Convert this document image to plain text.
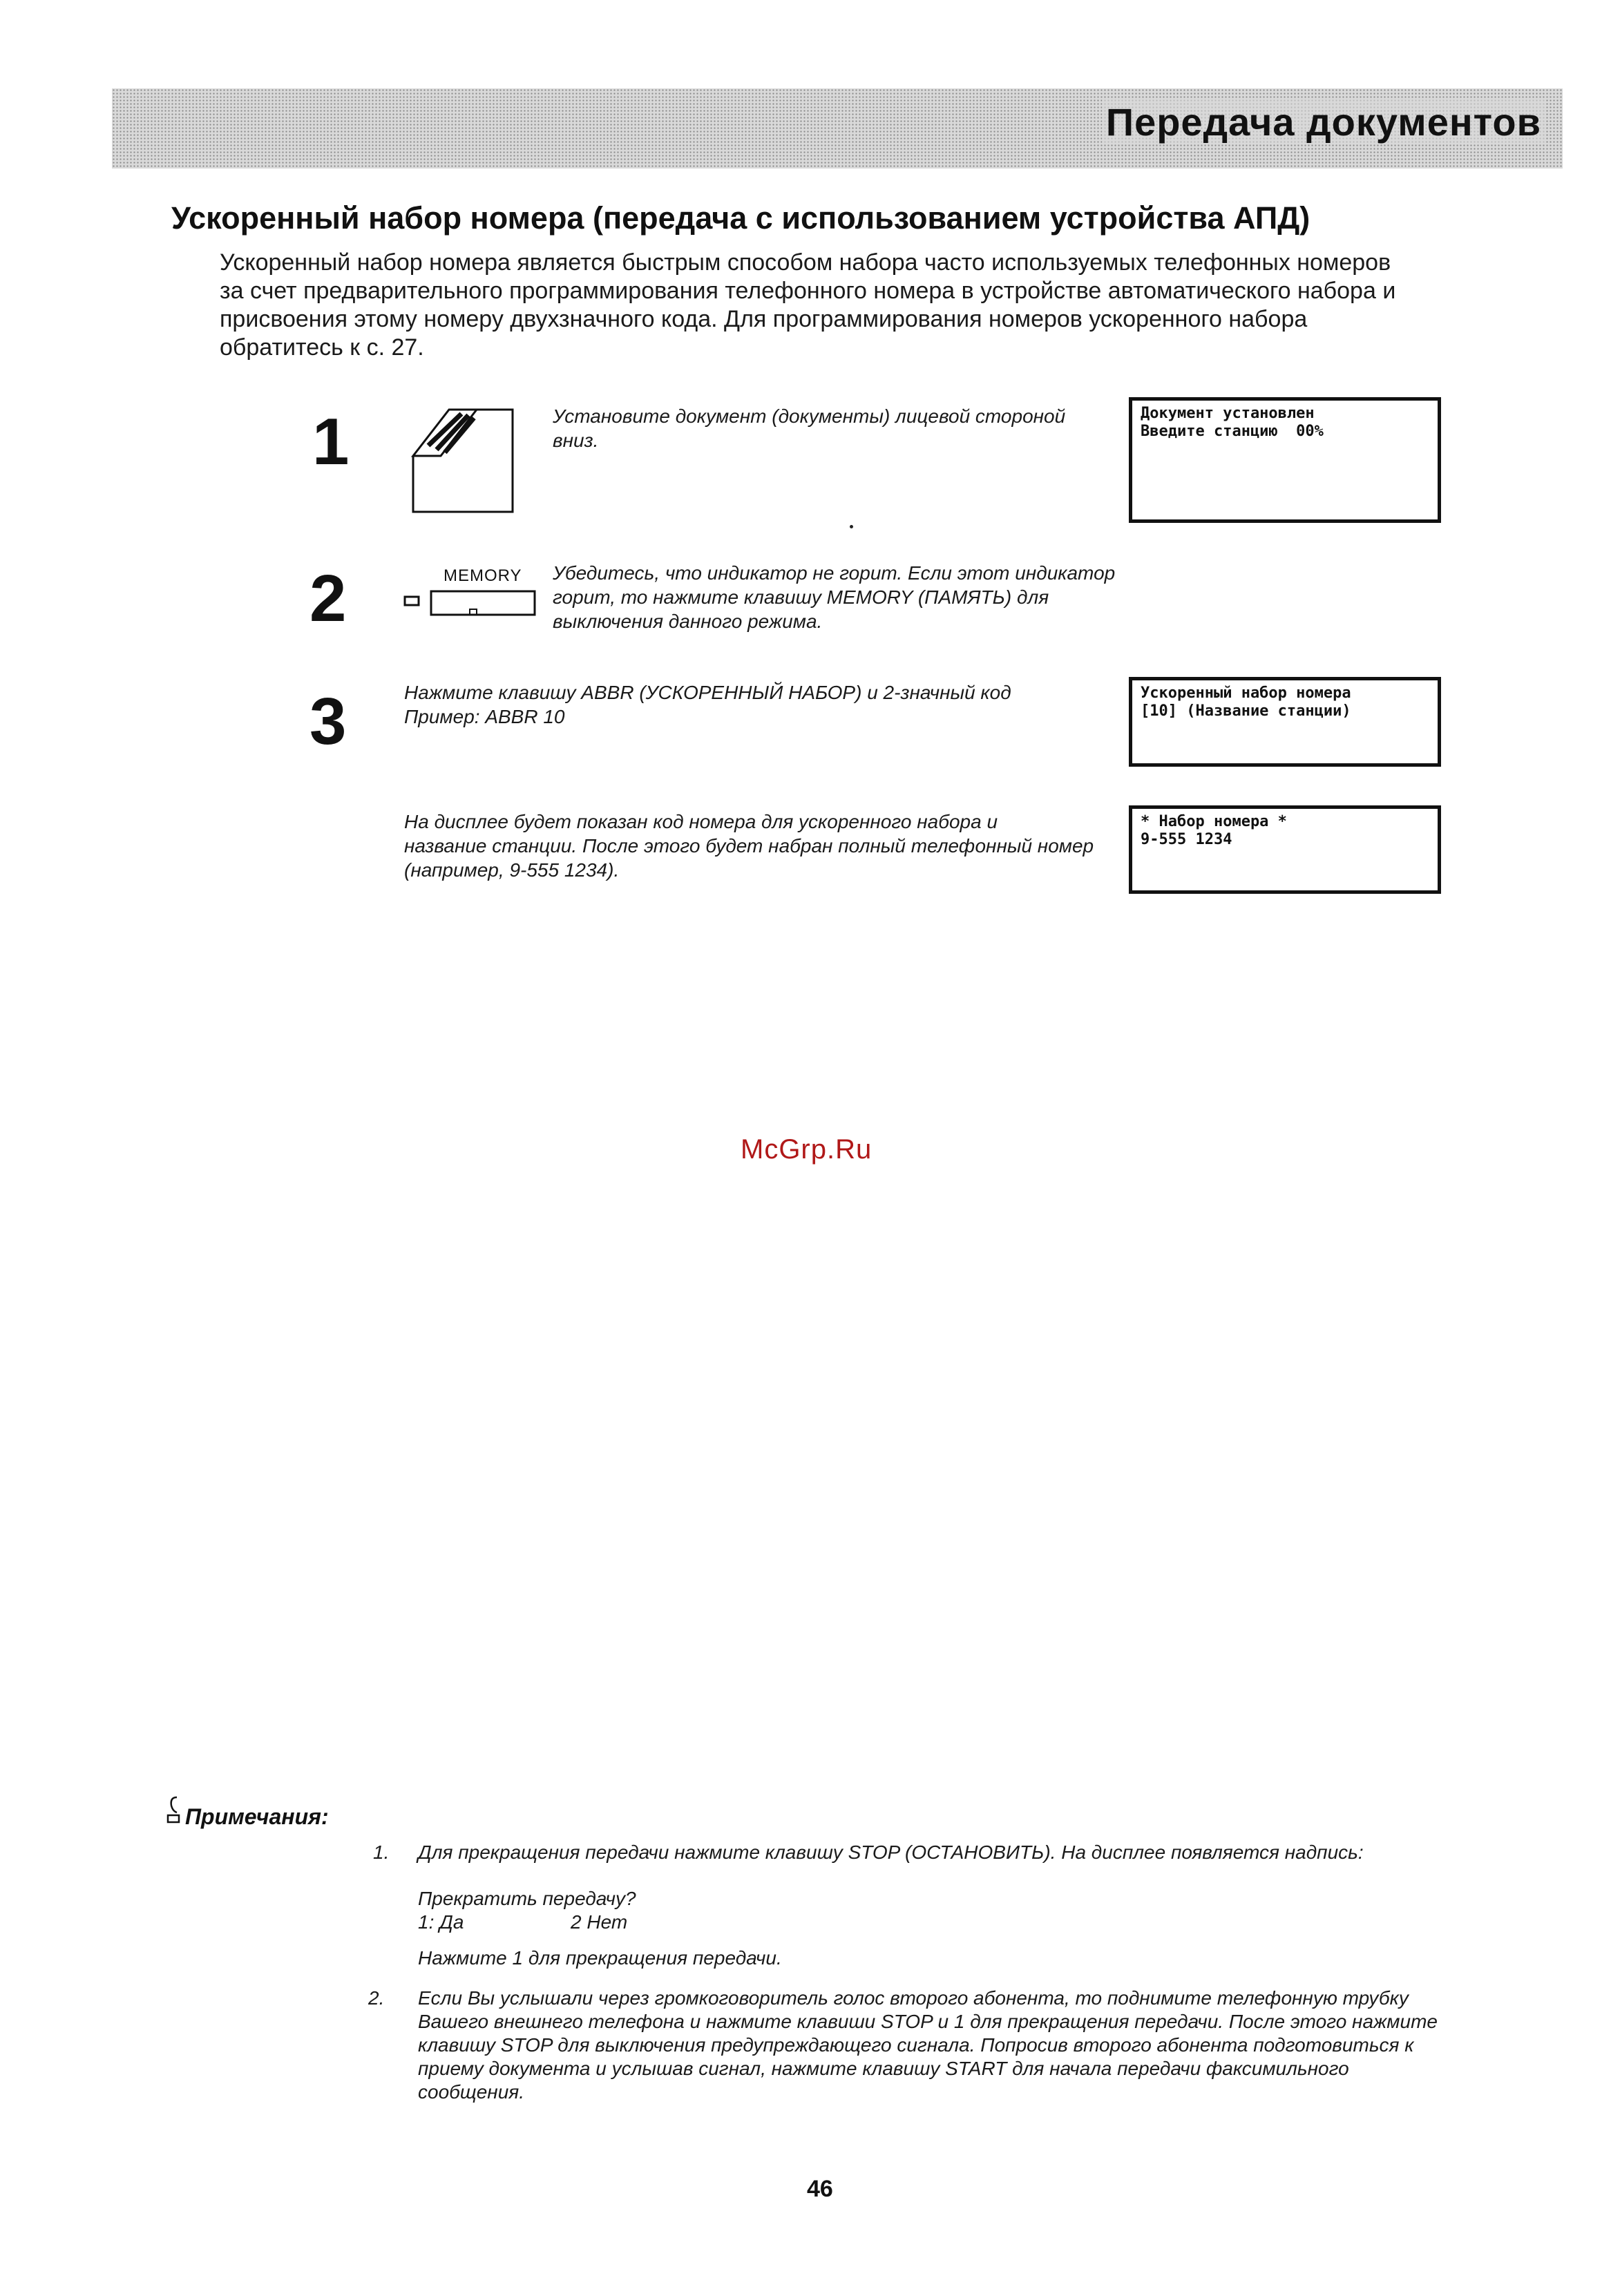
Передача документов
Ускоренный набор номера (передача с использованием устройства АПД)
Ускоренный набор номера является быстрым способом набора часто используемых телефонных номеров
за счет предварительного программирования телефонного номера в устройстве автоматического набора и
присвоения этому номеру двухзначного кода. Для программирования номеров ускоренного набора
обратитесь к с. 27.
1	Установите документ (документы) лицевой стороной
вниз.
Документ установлен
Введите станцию  00%
2	MEMORY Убедитесь, что индикатор не горит. Если этот индикатор
горит, то нажмите клавишу MEMORY (ПАМЯТЬ) для
выключения данного режима.
3	Нажмите клавишу ABBR (УСКОРЕННЫЙ НАБОР) и 2-значный код
Пример: ABBR 10
Ускоренный набор номера
[10] (Название станции)
На дисплее будет показан код номера для ускоренного набора и
название станции. После этого будет набран полный телефонный номер
(например, 9-555 1234).
* Набор номера *
9-555 1234
McGrp.Ru
Примечания:
1. Для прекращения передачи нажмите клавишу STOP (ОСТАНОВИТЬ). На дисплее появляется надпись:
Прекратить передачу?
1: Да	2 Нет
Нажмите 1 для прекращения передачи.
2. Если Вы услышали через громкоговоритель голос второго абонента, то поднимите телефонную трубку
Вашего внешнего телефона и нажмите клавиши STOP и 1 для прекращения передачи. После этого нажмите
клавишу STOP для выключения предупреждающего сигнала. Попросив второго абонента подготовиться к
приему документа и услышав сигнал, нажмите клавишу START для начала передачи факсимильного
сообщения.
46
